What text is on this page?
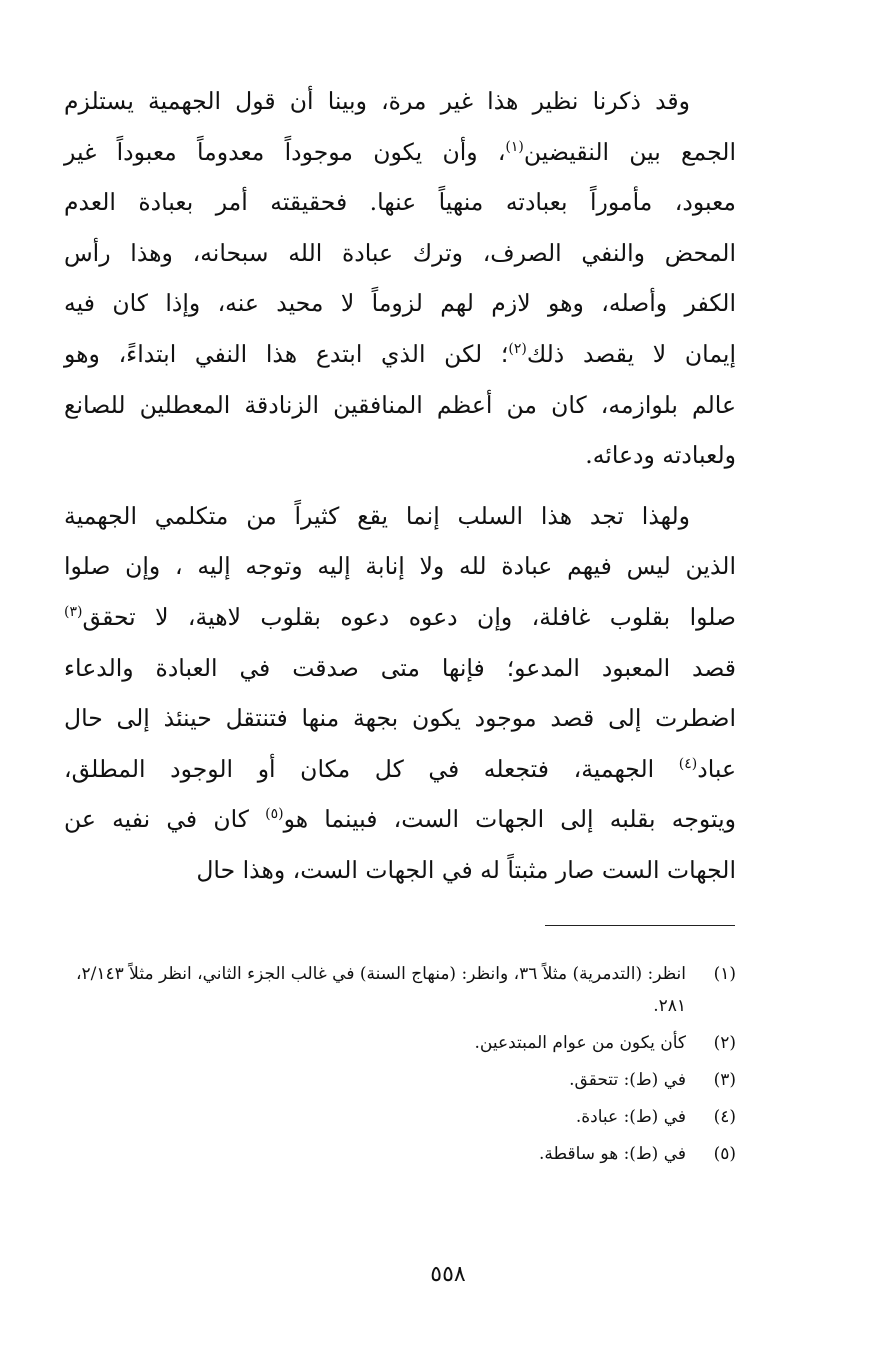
وقد ذكرنا نظير هذا غير مرة، وبينا أن قول الجهمية يستلزم
الجمع بين النقيضين$^{(١)}$، وأن يكون موجوداً معدوماً معبوداً غير
معبود، مأموراً بعبادته منهياً عنها. فحقيقته أمر بعبادة العدم
المحض والنفي الصرف، وترك عبادة الله سبحانه، وهذا رأس
الكفر وأصله، وهو لازم لهم لزوماً لا محيد عنه، وإذا كان فيه
إيمان لا يقصد ذلك$^{(٢)}$؛ لكن الذي ابتدع هذا النفي ابتداءً، وهو
عالم بلوازمه، كان من أعظم المنافقين الزنادقة المعطلين للصانع
ولعبادته ودعائه.

ولهذا تجد هذا السلب إنما يقع كثيراً من متكلمي الجهمية
الذين ليس فيهم عبادة لله ولا إنابة إليه وتوجه إليه ، وإن صلوا
صلوا بقلوب غافلة، وإن دعوه دعوه بقلوب لاهية، لا تحقق$^{(٣)}$
قصد المعبود المدعو؛ فإنها متى صدقت في العبادة والدعاء
اضطرت إلى قصد موجود يكون بجهة منها فتنتقل حينئذ إلى حال
عباد$^{(٤)}$ الجهمية، فتجعله في كل مكان أو الوجود المطلق،
ويتوجه بقلبه إلى الجهات الست، فبينما هو$^{(٥)}$ كان في نفيه عن
الجهات الست صار مثبتاً له في الجهات الست، وهذا حال

(١)
انظر: (التدمرية) مثلاً ٣٦، وانظر: (منهاج السنة) في غالب الجزء الثاني، انظر مثلاً ٢/١٤٣، ٢٨١.
(٢)
كأن يكون من عوام المبتدعين.
(٣)
في (ط): تتحقق.
(٤)
في (ط): عبادة.
(٥)
في (ط): هو ساقطة.
٥٥٨
